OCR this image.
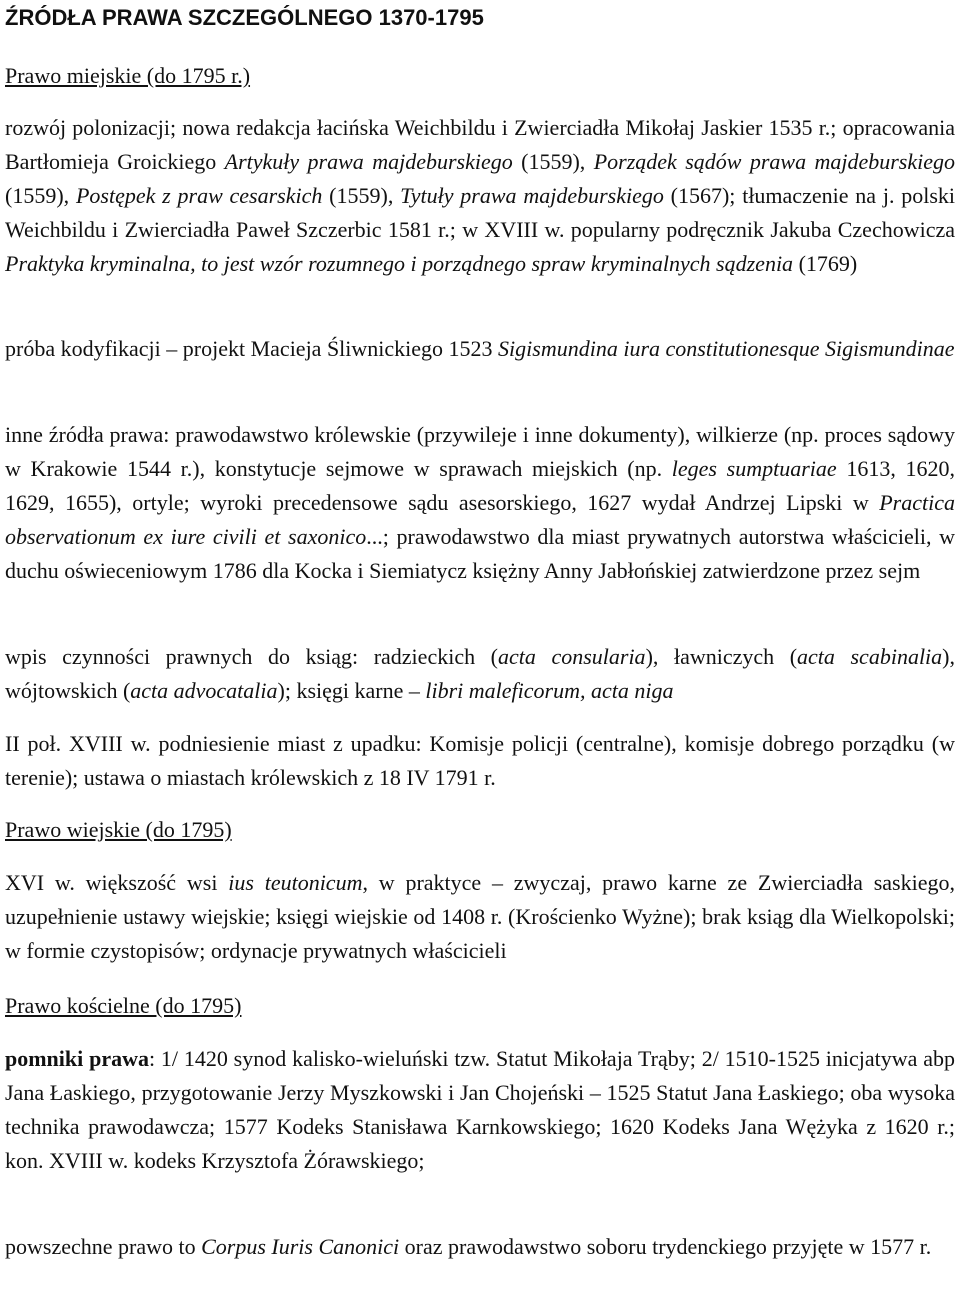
ŹRÓDŁA PRAWA SZCZEGÓLNEGO 1370-1795

Prawo miejskie (do 1795 r.)

rozwój polonizacji; nowa redakcja łacińska Weichbildu i Zwierciadła Mikołaj Jaskier 1535 r.; opracowania Bartłomieja Groickiego Artykuły prawa majdeburskiego (1559), Porządek sądów prawa majdeburskiego (1559), Postępek z praw cesarskich (1559), Tytuły prawa majdeburskiego (1567); tłumaczenie na j. polski Weichbildu i Zwierciadła Paweł Szczerbic 1581 r.; w XVIII w. popularny podręcznik Jakuba Czechowicza Praktyka kryminalna, to jest wzór rozumnego i porządnego spraw kryminalnych sądzenia (1769)

próba kodyfikacji – projekt Macieja Śliwnickiego 1523 Sigismundina iura constitutionesque Sigismundinae

inne źródła prawa: prawodawstwo królewskie (przywileje i inne dokumenty), wilkierze (np. proces sądowy w Krakowie 1544 r.), konstytucje sejmowe w sprawach miejskich (np. leges sumptuariae 1613, 1620, 1629, 1655), ortyle; wyroki precedensowe sądu asesorskiego, 1627 wydał Andrzej Lipski w Practica observationum ex iure civili et saxonico...; prawodawstwo dla miast prywatnych autorstwa właścicieli, w duchu oświeceniowym 1786 dla Kocka i Siemiatycz księżny Anny Jabłońskiej zatwierdzone przez sejm

wpis czynności prawnych do ksiąg: radzieckich (acta consularia), ławniczych (acta scabinalia), wójtowskich (acta advocatalia); księgi karne – libri maleficorum, acta niga

II poł. XVIII w. podniesienie miast z upadku: Komisje policji (centralne), komisje dobrego porządku (w terenie); ustawa o miastach królewskich z 18 IV 1791 r.

Prawo wiejskie (do 1795)

XVI w. większość wsi ius teutonicum, w praktyce – zwyczaj, prawo karne ze Zwierciadła saskiego, uzupełnienie ustawy wiejskie; księgi wiejskie od 1408 r. (Krościenko Wyżne); brak ksiąg dla Wielkopolski; w formie czystopisów; ordynacje prywatnych właścicieli

Prawo kościelne (do 1795)

pomniki prawa: 1/ 1420 synod kalisko-wieluński tzw. Statut Mikołaja Trąby; 2/ 1510-1525 inicjatywa abp Jana Łaskiego, przygotowanie Jerzy Myszkowski i Jan Chojeński – 1525 Statut Jana Łaskiego; oba wysoka technika prawodawcza; 1577 Kodeks Stanisława Karnkowskiego; 1620 Kodeks Jana Wężyka z 1620 r.; kon. XVIII w. kodeks Krzysztofa Żórawskiego;

powszechne prawo to Corpus Iuris Canonici oraz prawodawstwo soboru trydenckiego przyjęte w 1577 r.
